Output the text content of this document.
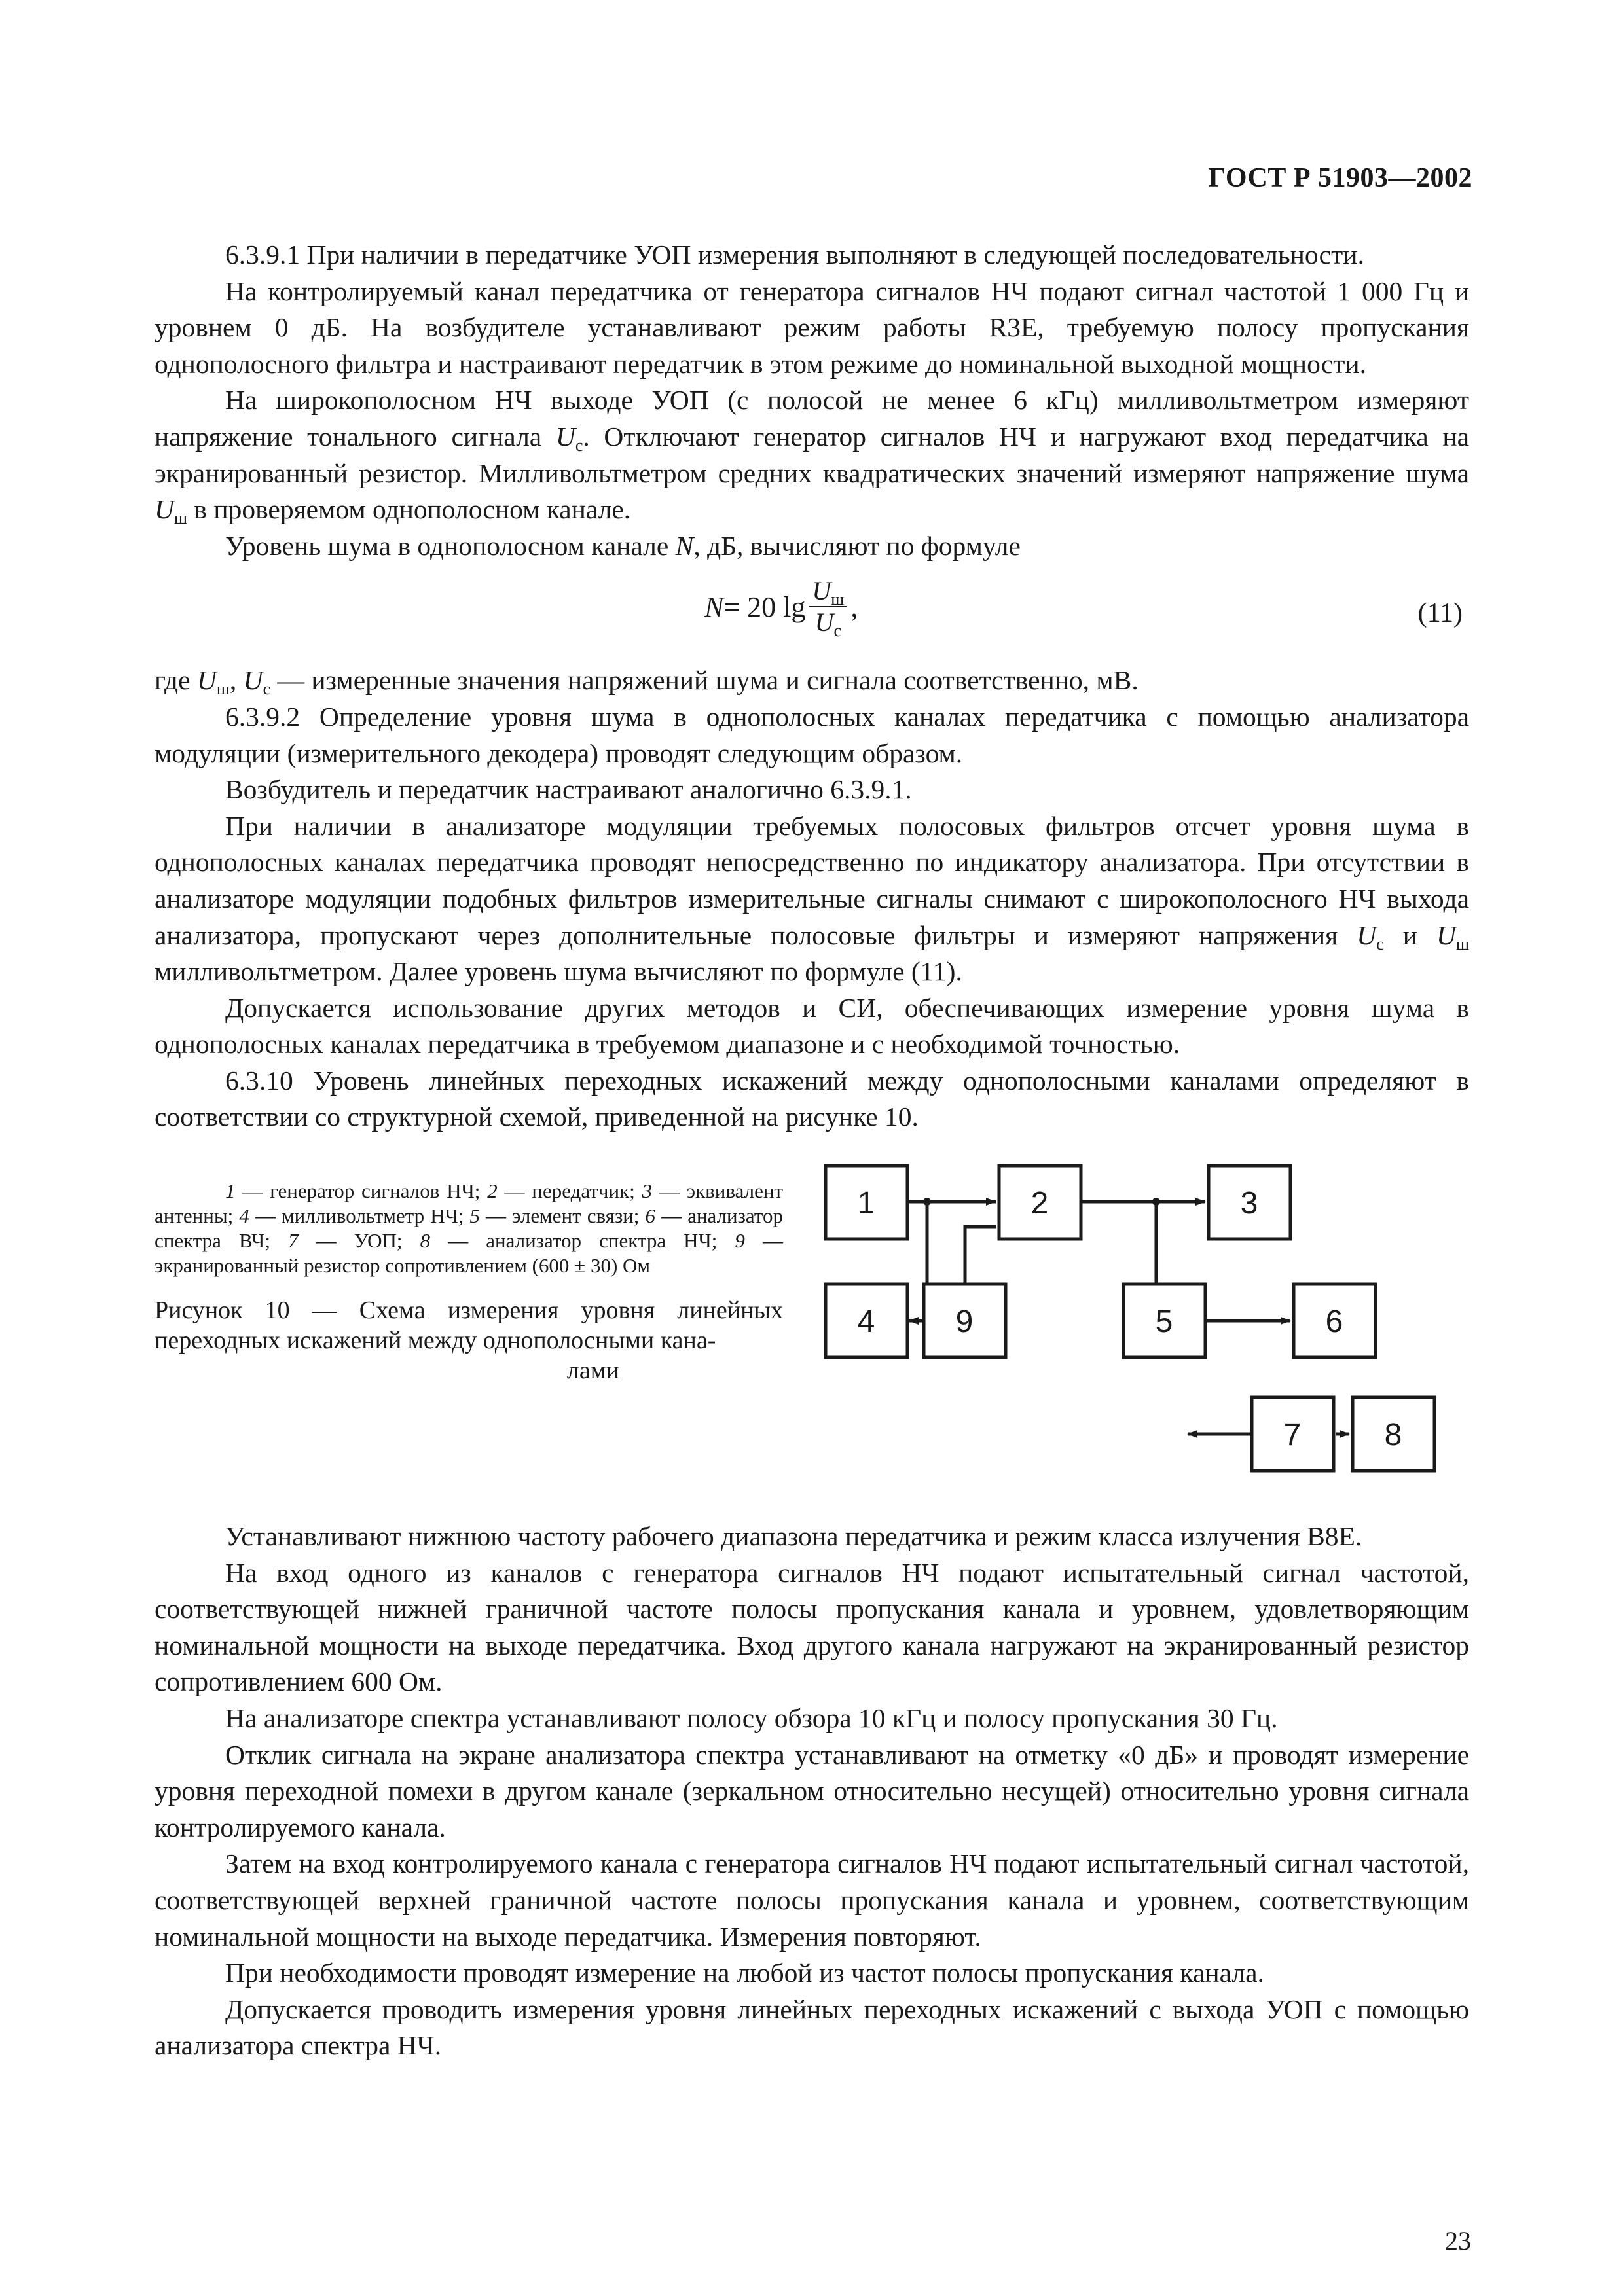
ГОСТ Р 51903—2002

6.3.9.1 При наличии в передатчике УОП измерения выполняют в следующей последовательности.

На контролируемый канал передатчика от генератора сигналов НЧ подают сигнал частотой 1 000 Гц и уровнем 0 дБ. На возбудителе устанавливают режим работы R3E, требуемую полосу пропускания однополосного фильтра и настраивают передатчик в этом режиме до номинальной выходной мощности.

На широкополосном НЧ выходе УОП (с полосой не менее 6 кГц) милливольтметром измеряют напряжение тонального сигнала $U_с$. Отключают генератор сигналов НЧ и нагружают вход передатчика на экранированный резистор. Милливольтметром средних квадратических значений измеряют напряжение шума $U_ш$ в проверяемом однополосном канале.

Уровень шума в однополосном канале N, дБ, вычисляют по формуле

N = 20 $\lg \frac{U_ш}{U_с}$ ,	(11)

где $U_ш$, $U_с$ — измеренные значения напряжений шума и сигнала соответственно, мВ.

6.3.9.2 Определение уровня шума в однополосных каналах передатчика с помощью анализатора модуляции (измерительного декодера) проводят следующим образом.

Возбудитель и передатчик настраивают аналогично 6.3.9.1.

При наличии в анализаторе модуляции требуемых полосовых фильтров отсчет уровня шума в однополосных каналах передатчика проводят непосредственно по индикатору анализатора. При отсутствии в анализаторе модуляции подобных фильтров измерительные сигналы снимают с широкополосного НЧ выхода анализатора, пропускают через дополнительные полосовые фильтры и измеряют напряжения $U_с$ и $U_ш$ милливольтметром. Далее уровень шума вычисляют по формуле (11).

Допускается использование других методов и СИ, обеспечивающих измерение уровня шума в однополосных каналах передатчика в требуемом диапазоне и с необходимой точностью.

6.3.10 Уровень линейных переходных искажений между однополосными каналами определяют в соответствии со структурной схемой, приведенной на рисунке 10.

1 — генератор сигналов НЧ; 2 — передатчик; 3 — эквивалент антенны; 4 — милливольтметр НЧ; 5 — элемент связи; 6 — анализатор спектра ВЧ; 7 — УОП; 8 — анализатор спектра НЧ; 9 — экранированный резистор сопротивлением (600 ± 30) Ом

Рисунок 10 — Схема измерения уровня линейных переходных искажений между однополосными кана-

лами

1	2	3
4	9	5	6
7	8

Устанавливают нижнюю частоту рабочего диапазона передатчика и режим класса излучения B8E.

На вход одного из каналов с генератора сигналов НЧ подают испытательный сигнал частотой, соответствующей нижней граничной частоте полосы пропускания канала и уровнем, удовлетворяющим номинальной мощности на выходе передатчика. Вход другого канала нагружают на экранированный резистор сопротивлением 600 Ом.

На анализаторе спектра устанавливают полосу обзора 10 кГц и полосу пропускания 30 Гц.

Отклик сигнала на экране анализатора спектра устанавливают на отметку «0 дБ» и проводят измерение уровня переходной помехи в другом канале (зеркальном относительно несущей) относительно уровня сигнала контролируемого канала.

Затем на вход контролируемого канала с генератора сигналов НЧ подают испытательный сигнал частотой, соответствующей верхней граничной частоте полосы пропускания канала и уровнем, соответствующим номинальной мощности на выходе передатчика. Измерения повторяют.

При необходимости проводят измерение на любой из частот полосы пропускания канала.

Допускается проводить измерения уровня линейных переходных искажений с выхода УОП с помощью анализатора спектра НЧ.

23
